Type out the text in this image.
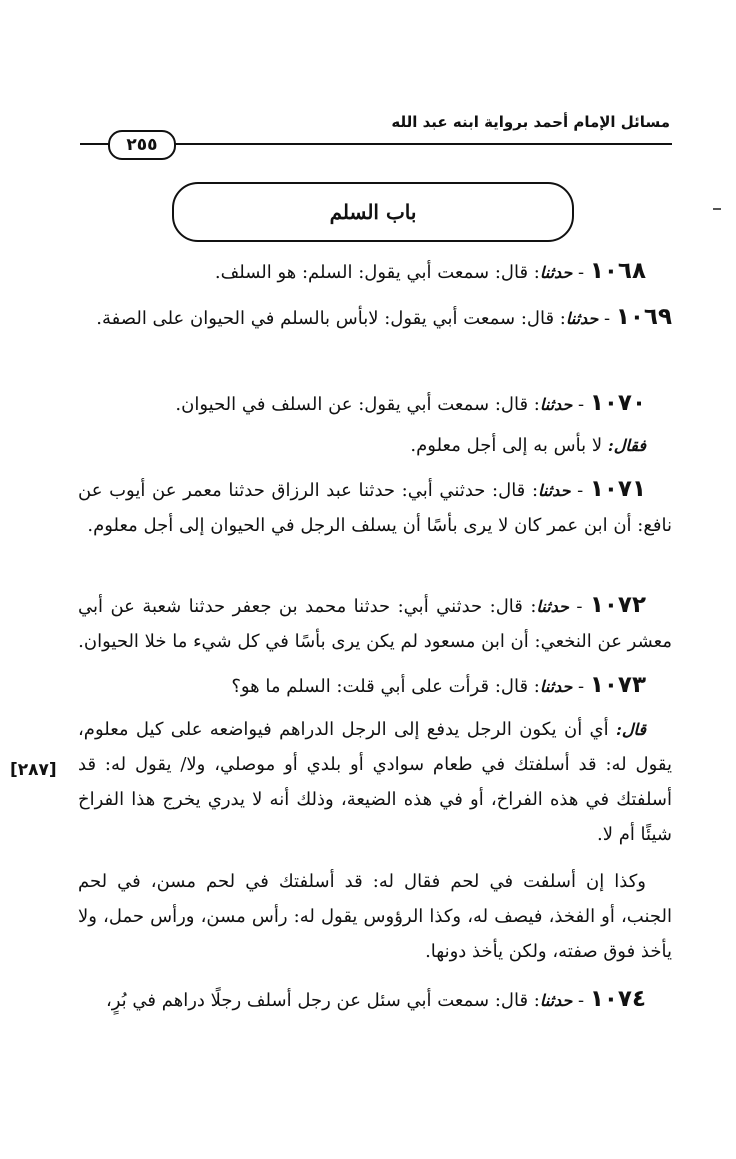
مسائل الإمام أحمد برواية ابنه عبد الله
٢٥٥
باب السلم
[٢٨٧]
١٠٦٨ - حدثنا: قال: سمعت أبي يقول: السلم: هو السلف.
١٠٦٩ - حدثنا: قال: سمعت أبي يقول: لابأس بالسلم في الحيوان على الصفة.
١٠٧٠ - حدثنا: قال: سمعت أبي يقول: عن السلف في الحيوان.
فقال: لا بأس به إلى أجل معلوم.
١٠٧١ - حدثنا: قال: حدثني أبي: حدثنا عبد الرزاق حدثنا معمر عن أيوب عن نافع: أن ابن عمر كان لا يرى بأسًا أن يسلف الرجل في الحيوان إلى أجل معلوم.
١٠٧٢ - حدثنا: قال: حدثني أبي: حدثنا محمد بن جعفر حدثنا شعبة عن أبي معشر عن النخعي: أن ابن مسعود لم يكن يرى بأسًا في كل شيء ما خلا الحيوان.
١٠٧٣ - حدثنا: قال: قرأت على أبي قلت: السلم ما هو؟
قال: أي أن يكون الرجل يدفع إلى الرجل الدراهم فيواضعه على كيل معلوم، يقول له: قد أسلفتك في طعام سوادي أو بلدي أو موصلي، ولا/ يقول له: قد أسلفتك في هذه الفراخ، أو في هذه الضيعة، وذلك أنه لا يدري يخرج هذا الفراخ شيئًا أم لا.
وكذا إن أسلفت في لحم فقال له: قد أسلفتك في لحم مسن، في لحم الجنب، أو الفخذ، فيصف له، وكذا الرؤوس يقول له: رأس مسن، ورأس حمل، ولا يأخذ فوق صفته، ولكن يأخذ دونها.
١٠٧٤ - حدثنا: قال: سمعت أبي سئل عن رجل أسلف رجلًا دراهم في بُرٍ،
